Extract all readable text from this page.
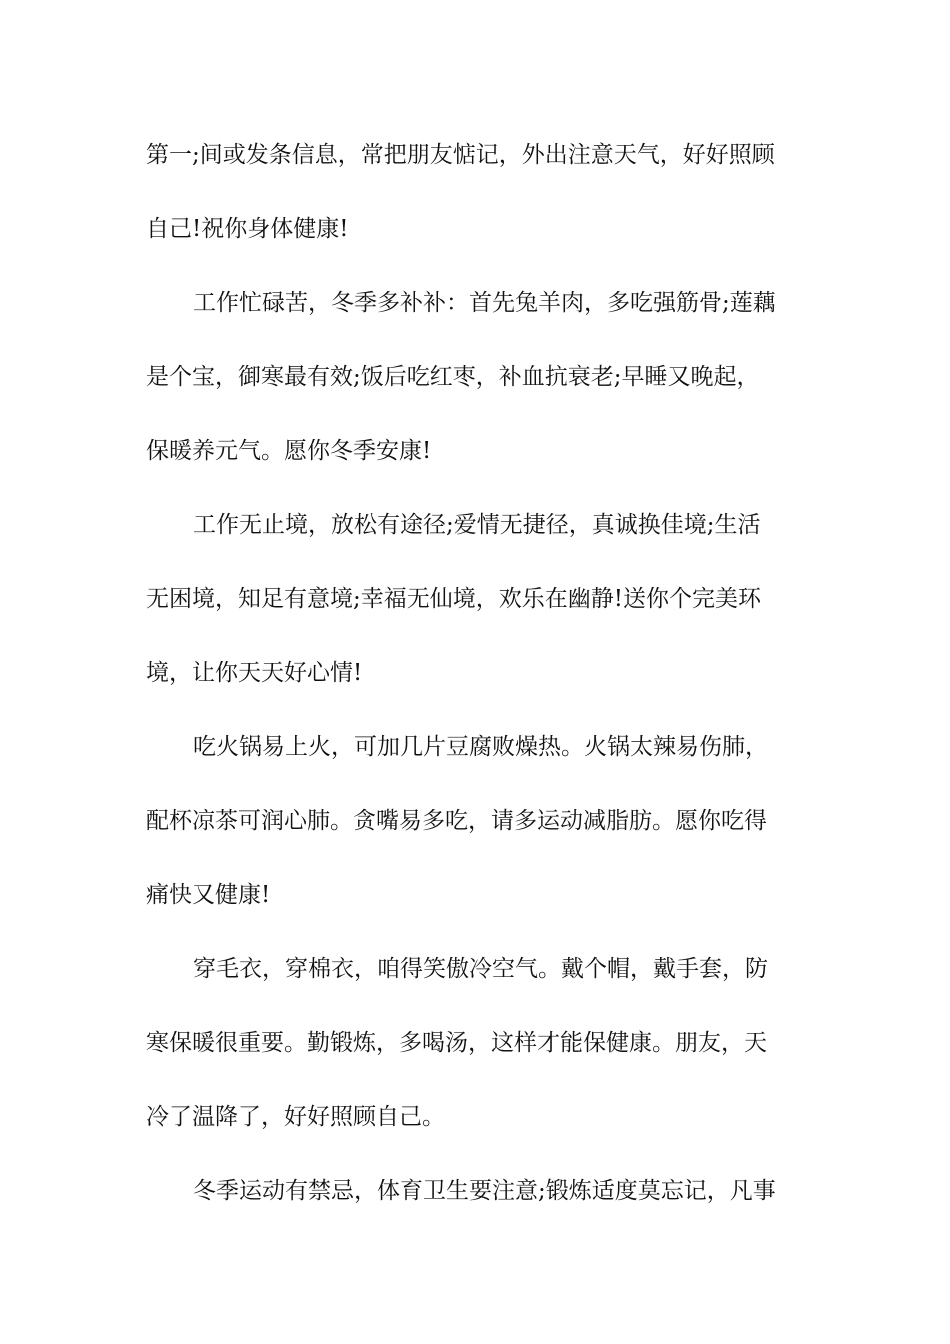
第一;间或发条信息，常把朋友惦记，外出注意天气，好好照顾
自己!祝你身体健康!
工作忙碌苦，冬季多补补：首先兔羊肉，多吃强筋骨;莲藕
是个宝，御寒最有效;饭后吃红枣，补血抗衰老;早睡又晚起，
保暖养元气。愿你冬季安康!
工作无止境，放松有途径;爱情无捷径，真诚换佳境;生活
无困境，知足有意境;幸福无仙境，欢乐在幽静!送你个完美环
境，让你天天好心情!
吃火锅易上火，可加几片豆腐败燥热。火锅太辣易伤肺，
配杯凉茶可润心肺。贪嘴易多吃，请多运动减脂肪。愿你吃得
痛快又健康!
穿毛衣，穿棉衣，咱得笑傲冷空气。戴个帽，戴手套，防
寒保暖很重要。勤锻炼，多喝汤，这样才能保健康。朋友，天
冷了温降了，好好照顾自己。
冬季运动有禁忌，体育卫生要注意;锻炼适度莫忘记，凡事
